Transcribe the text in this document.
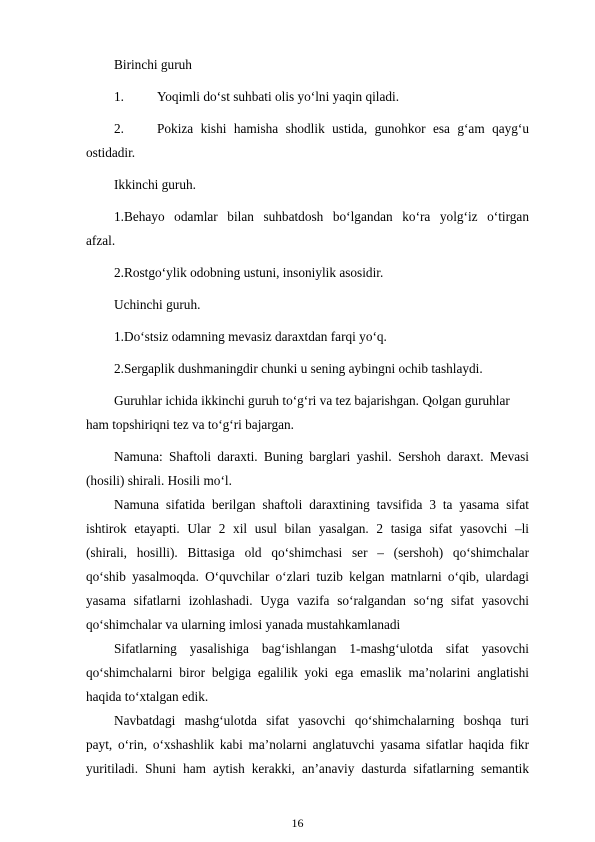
Birinchi guruh
1. Yoqimli do‘st suhbati olis yo‘lni yaqin qiladi.
2. Pokiza kishi hamisha shodlik ustida, gunohkor esa g‘am qayg‘u
ostidadir.
Ikkinchi guruh.
1.Behayo odamlar bilan suhbatdosh bo‘lgandan ko‘ra yolg‘iz o‘tirgan
afzal.
2.Rostgo‘ylik odobning ustuni, insoniylik asosidir.
Uchinchi guruh.
1.Do‘stsiz odamning mevasiz daraxtdan farqi yo‘q.
2.Sergaplik dushmaningdir chunki u sening aybingni ochib tashlaydi.
Guruhlar ichida ikkinchi guruh to‘g‘ri va tez bajarishgan. Qolgan guruhlar
ham topshiriqni tez va to‘g‘ri bajargan.
Namuna: Shaftoli daraxti. Buning barglari yashil. Sershoh daraxt. Mevasi
(hosili) shirali. Hosili mo‘l.
Namuna sifatida berilgan shaftoli daraxtining tavsifida 3 ta yasama sifat
ishtirok etayapti. Ular 2 xil usul bilan yasalgan. 2 tasiga sifat yasovchi –li
(shirali, hosilli). Bittasiga old qo‘shimchasi ser – (sershoh) qo‘shimchalar
qo‘shib yasalmoqda. O‘quvchilar o‘zlari tuzib kelgan matnlarni o‘qib, ulardagi
yasama sifatlarni izohlashadi. Uyga vazifa so‘ralgandan so‘ng sifat yasovchi
qo‘shimchalar va ularning imlosi yanada mustahkamlanadi
Sifatlarning yasalishiga bag‘ishlangan 1-mashg‘ulotda sifat yasovchi
qo‘shimchalarni biror belgiga egalilik yoki ega emaslik ma’nolarini anglatishi
haqida to‘xtalgan edik.
Navbatdagi mashg‘ulotda sifat yasovchi qo‘shimchalarning boshqa turi
payt, o‘rin, o‘xshashlik kabi ma’nolarni anglatuvchi yasama sifatlar haqida fikr
yuritiladi. Shuni ham aytish kerakki, an’anaviy dasturda sifatlarning semantik
16
